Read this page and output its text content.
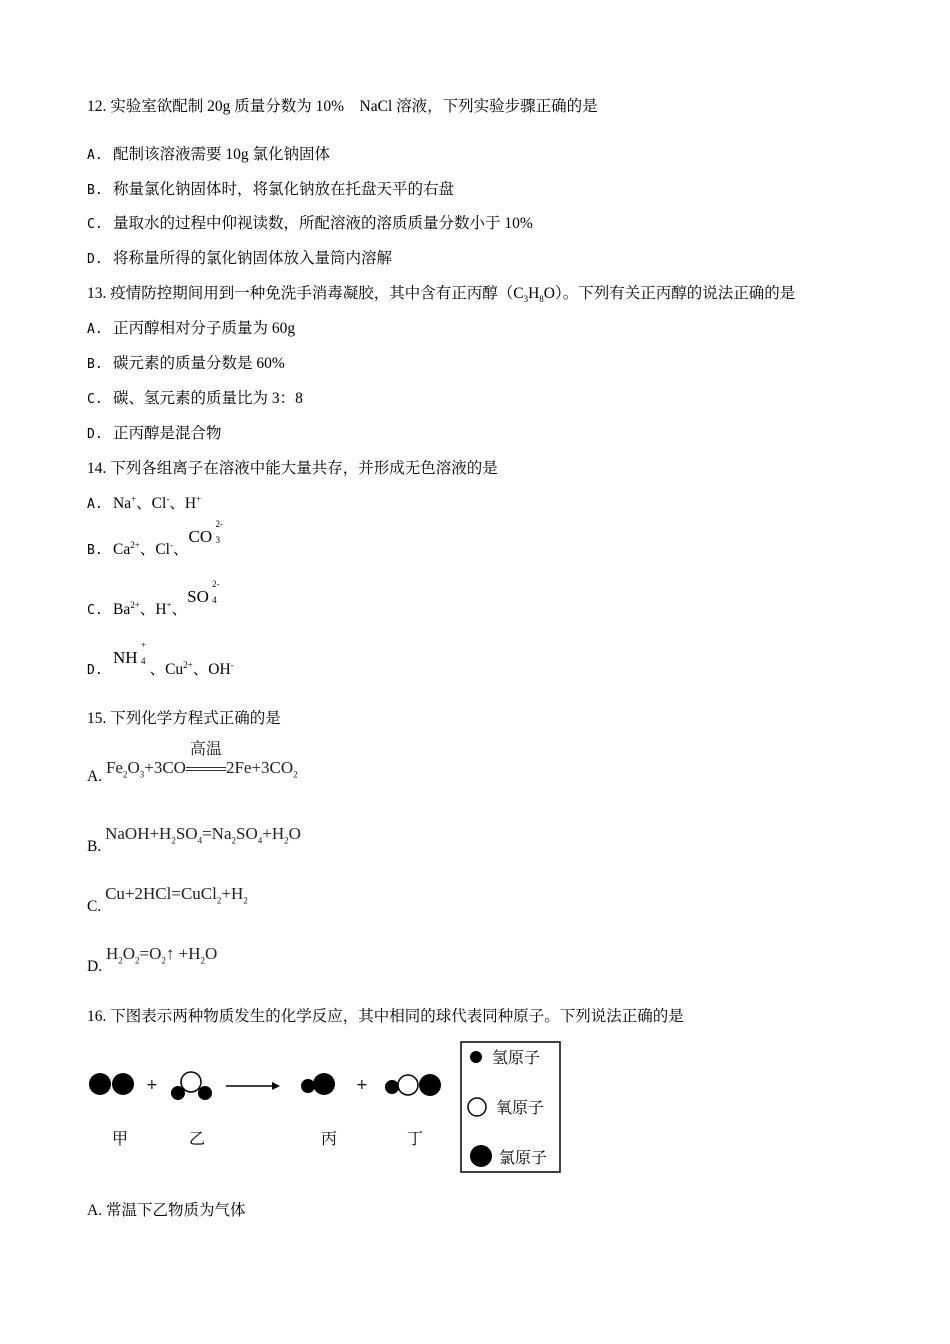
12. 实验室欲配制 20g 质量分数为 10%　NaCl 溶液，下列实验步骤正确的是
A. 配制该溶液需要 10g 氯化钠固体
B. 称量氯化钠固体时，将氯化钠放在托盘天平的右盘
C. 量取水的过程中仰视读数，所配溶液的溶质质量分数小于 10%
D. 将称量所得的氯化钠固体放入量筒内溶解
13. 疫情防控期间用到一种免洗手消毒凝胶，其中含有正丙醇$(C_3H_8O)$。下列有关正丙醇的说法正确的是
A. 正丙醇相对分子质量为 60g
B. 碳元素的质量分数是 60%
C. 碳、氢元素的质量比为 3：8
D. 正丙醇是混合物
14. 下列各组离子在溶液中能大量共存，并形成无色溶液的是
A. Na+、Cl-、H+
B. $Ca^{2+}$、Cl-、CO
2-
3
C. $Ba^{2+}$、H+、SO
2-
4
D.NH
+
4 、$Cu^{2+}$、OH-
15. 下列化学方程式正确的是
A. $Fe_2O_3+3CO$
高温
$2Fe+3CO_2$
B. $NaOH+H_2SO_4=Na_2SO_4+H_2O$
C. $Cu+2HCl=CuCl_2+H_2$
D. $H_2O_2=O_2↑ +H_2O$
16. 下图表示两种物质发生的化学反应，其中相同的球代表同种原子。下列说法正确的是
+	+
甲	乙	丙	丁
氢原子
氧原子
氯原子
A. 常温下乙物质为气体
